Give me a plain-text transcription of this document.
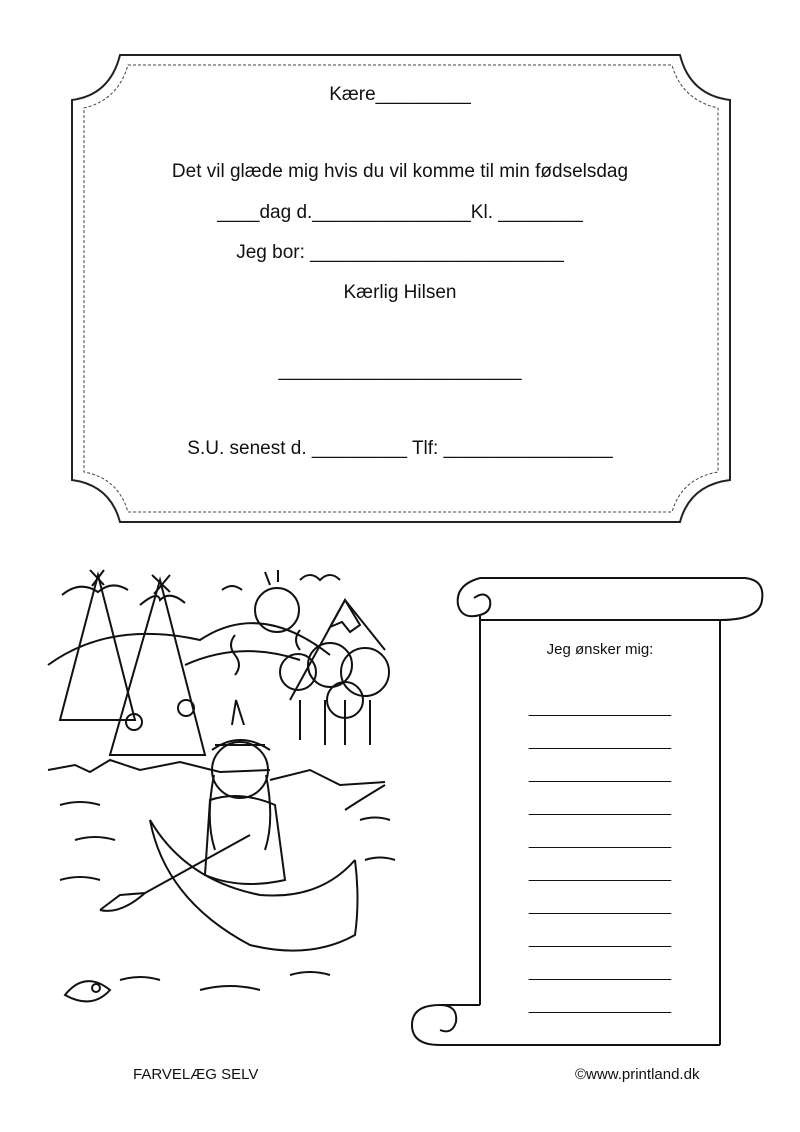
Kære_________
Det vil glæde mig hvis du vil komme til min fødselsdag
____dag d._______________Kl. ________
Jeg bor: ________________________
Kærlig Hilsen
_______________________
S.U. senest d. _________ Tlf: ________________
Jeg ønsker mig:
________________
________________
________________
________________
________________
________________
________________
________________
________________
________________
FARVELÆG SELV	©www.printland.dk
